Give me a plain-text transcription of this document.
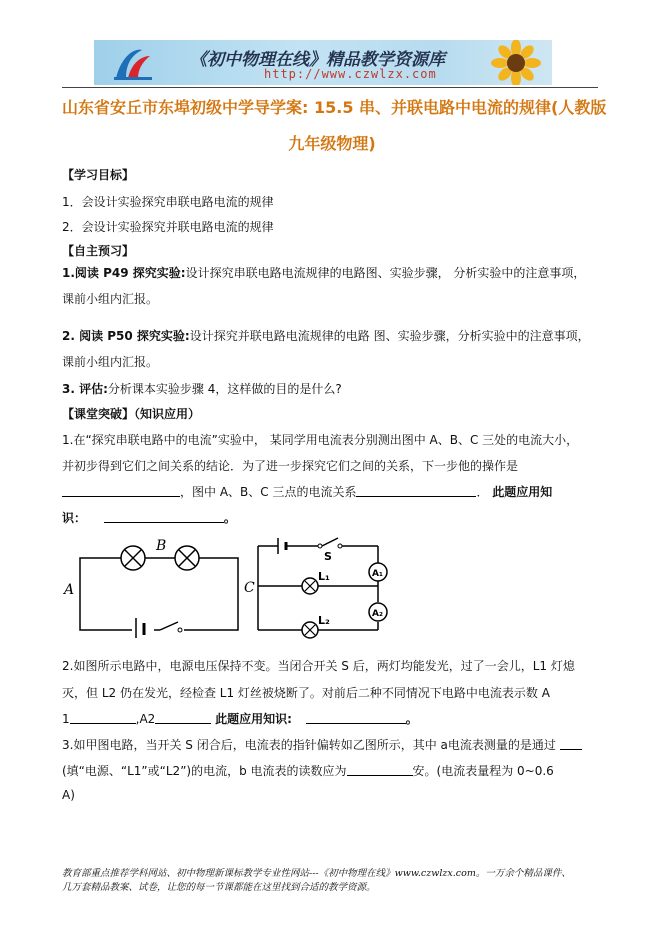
《初中物理在线》精品教学资源库
http://www.czwlzx.com
山东省安丘市东埠初级中学导学案: 15.5 串、并联电路中电流的规律(人教版
九年级物理)
【学习目标】
1．会设计实验探究串联电路电流的规律
2．会设计实验探究并联电路电流的规律
【自主预习】
1.阅读 P49 探究实验:设计探究串联电路电流规律的电路图、实验步骤， 分析实验中的注意事项，
课前小组内汇报。
2. 阅读 P50 探究实验:设计探究并联电路电流规律的电路 图、实验步骤，分析实验中的注意事项，
课前小组内汇报。
3. 评估:分析课本实验步骤 4，这样做的目的是什么?
【课堂突破】（知识应用）
1.在“探究串联电路中的电流”实验中， 某同学用电流表分别测出图中 A、B、C 三处的电流大小，
并初步得到它们之间关系的结论．为了进一步探究它们之间的关系，下一步他的操作是
，图中 A、B、C 三点的电流关系	． 此题应用知
识：	。
A
B
C
S
L₁
L₂
A₁
A₂
2.如图所示电路中，电源电压保持不变。当闭合开关 S 后，两灯均能发光，过了一会儿，L1 灯熄
灭，但 L2 仍在发光，经检查 L1 灯丝被烧断了。对前后二种不同情况下电路中电流表示数 A
1	,A2	此题应用知识:	。
3.如甲图电路，当开关 S 闭合后，电流表的指针偏转如乙图所示，其中 a电流表测量的是通过
(填“电源、“L1”或“L2”)的电流，b 电流表的读数应为	安。(电流表量程为 0~0.6
A)
教育部重点推荐学科网站、初中物理新课标教学专业性网站---《初中物理在线》www.czwlzx.com。一万余个精品课件、
几万套精品教案、试卷，让您的每一节课都能在这里找到合适的教学资源。
